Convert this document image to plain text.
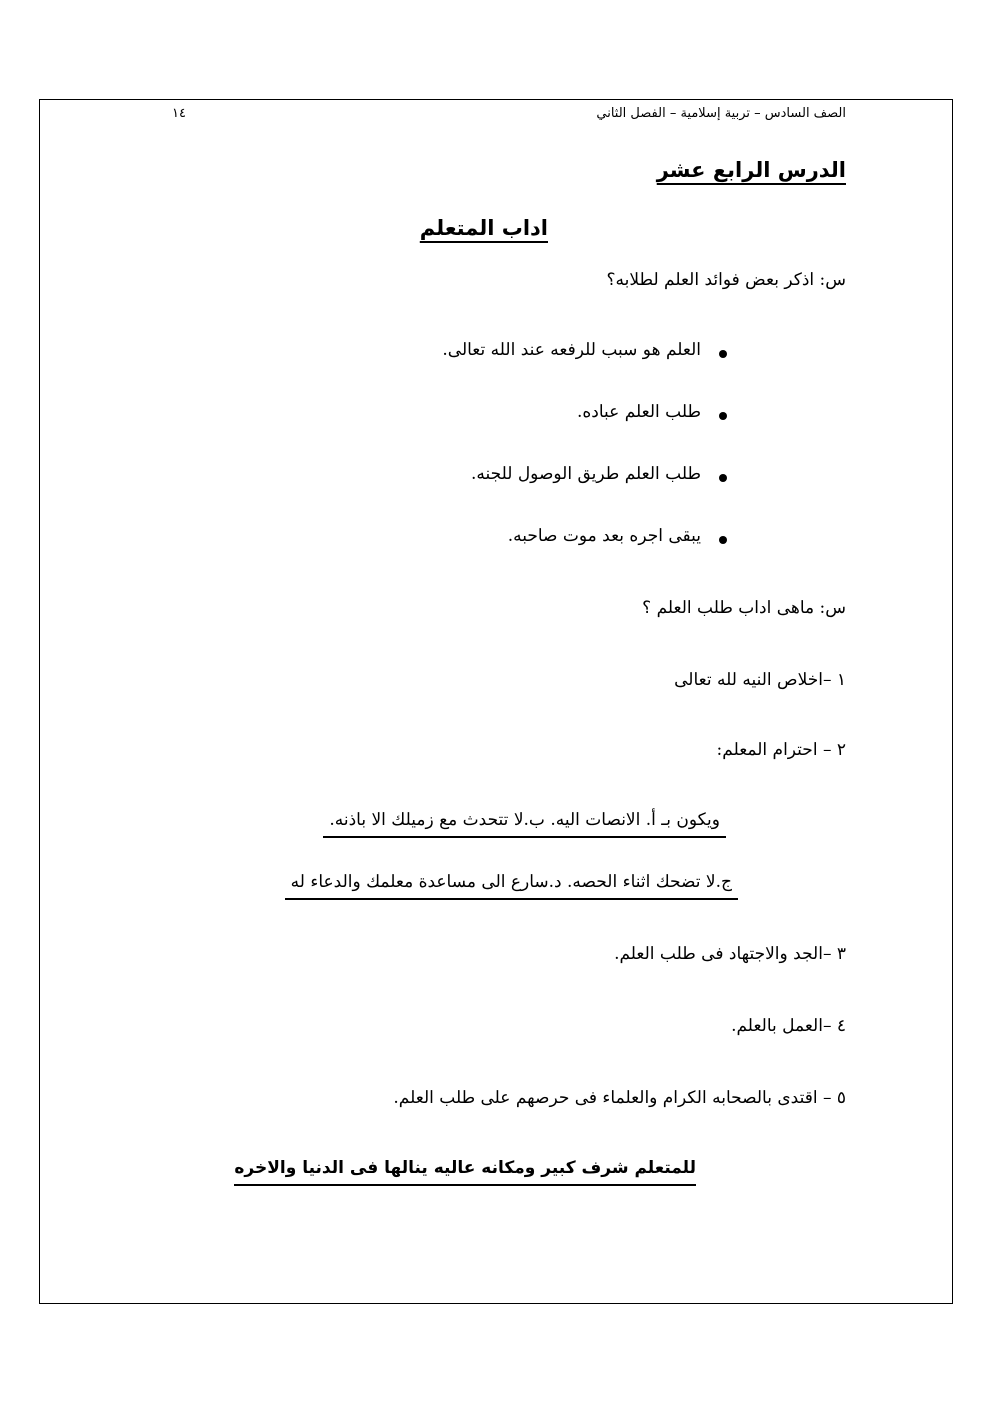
الصف السادس – تربية إسلامية – الفصل الثاني
١٤
الدرس الرابع عشر
اداب المتعلم
س: اذكر بعض فوائد العلم لطلابه؟
العلم هو سبب للرفعه عند الله تعالى.
طلب العلم عباده.
طلب العلم طريق الوصول للجنه.
يبقى اجره بعد موت صاحبه.
س: ماهى اداب طلب العلم ؟
١ –اخلاص النيه لله تعالى
٢ – احترام المعلم:
ويكون بـ أ. الانصات اليه. ب.لا تتحدث مع زميلك الا باذنه.
ج.لا تضحك اثناء الحصه. د.سارع الى مساعدة معلمك والدعاء له
٣ –الجد والاجتهاد فى طلب العلم.
٤ –العمل بالعلم.
٥ – اقتدى بالصحابه الكرام والعلماء فى حرصهم على طلب العلم.
للمتعلم شرف كبير ومكانه عاليه ينالها فى الدنيا والاخره
